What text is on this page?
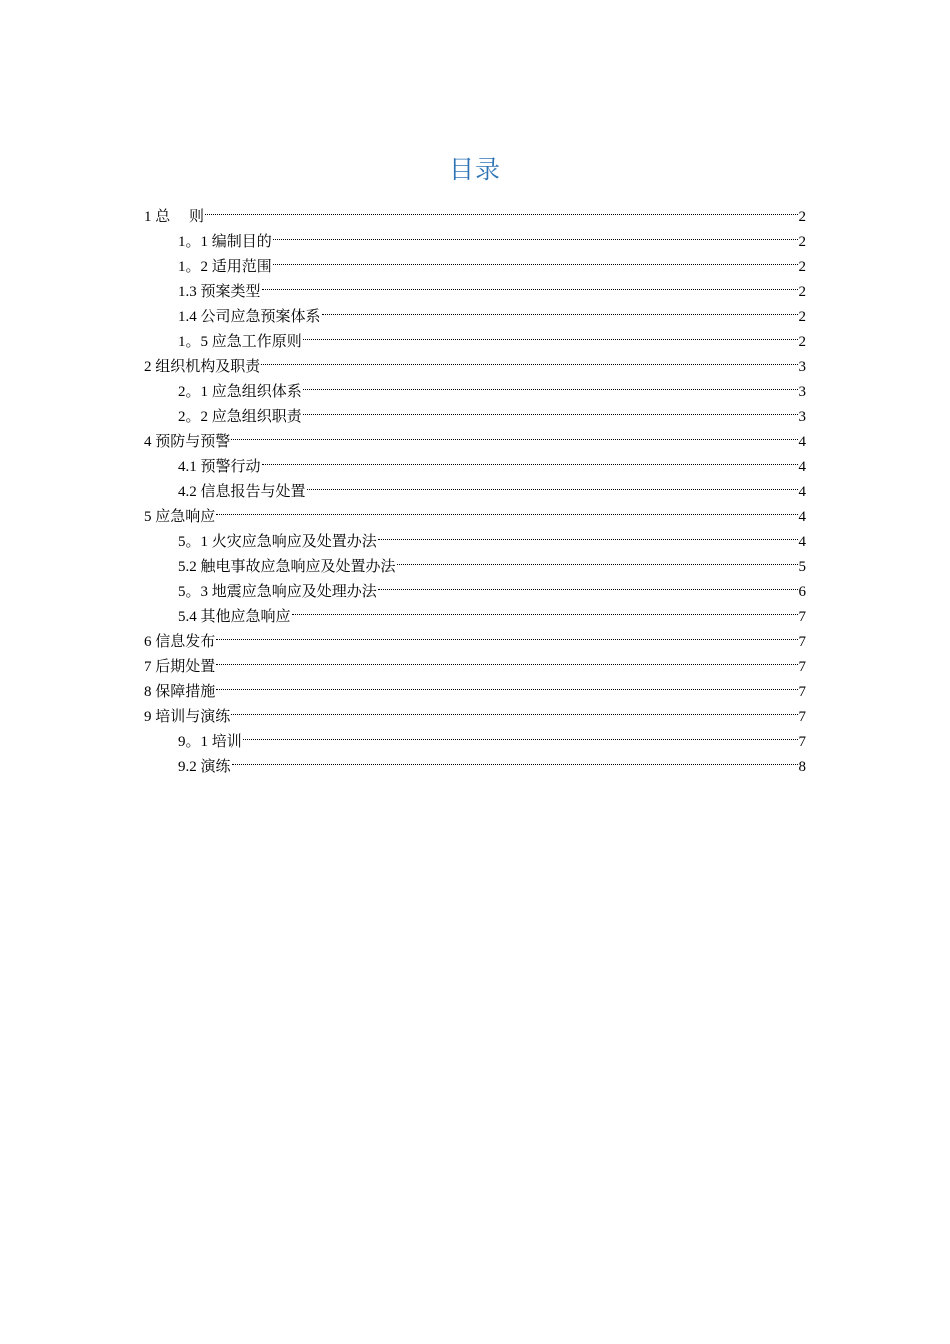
目录
1 总　 则	2
1。1 编制目的	2
1。2 适用范围	2
1.3 预案类型	2
1.4 公司应急预案体系	2
1。5 应急工作原则	2
2 组织机构及职责	3
2。1 应急组织体系	3
2。2 应急组织职责	3
4 预防与预警	4
4.1 预警行动	4
4.2 信息报告与处置	4
5 应急响应	4
5。1 火灾应急响应及处置办法	4
5.2 触电事故应急响应及处置办法	5
5。3 地震应急响应及处理办法	6
5.4 其他应急响应	7
6 信息发布	7
7 后期处置	7
8 保障措施	7
9 培训与演练	7
9。1 培训	7
9.2 演练	8
